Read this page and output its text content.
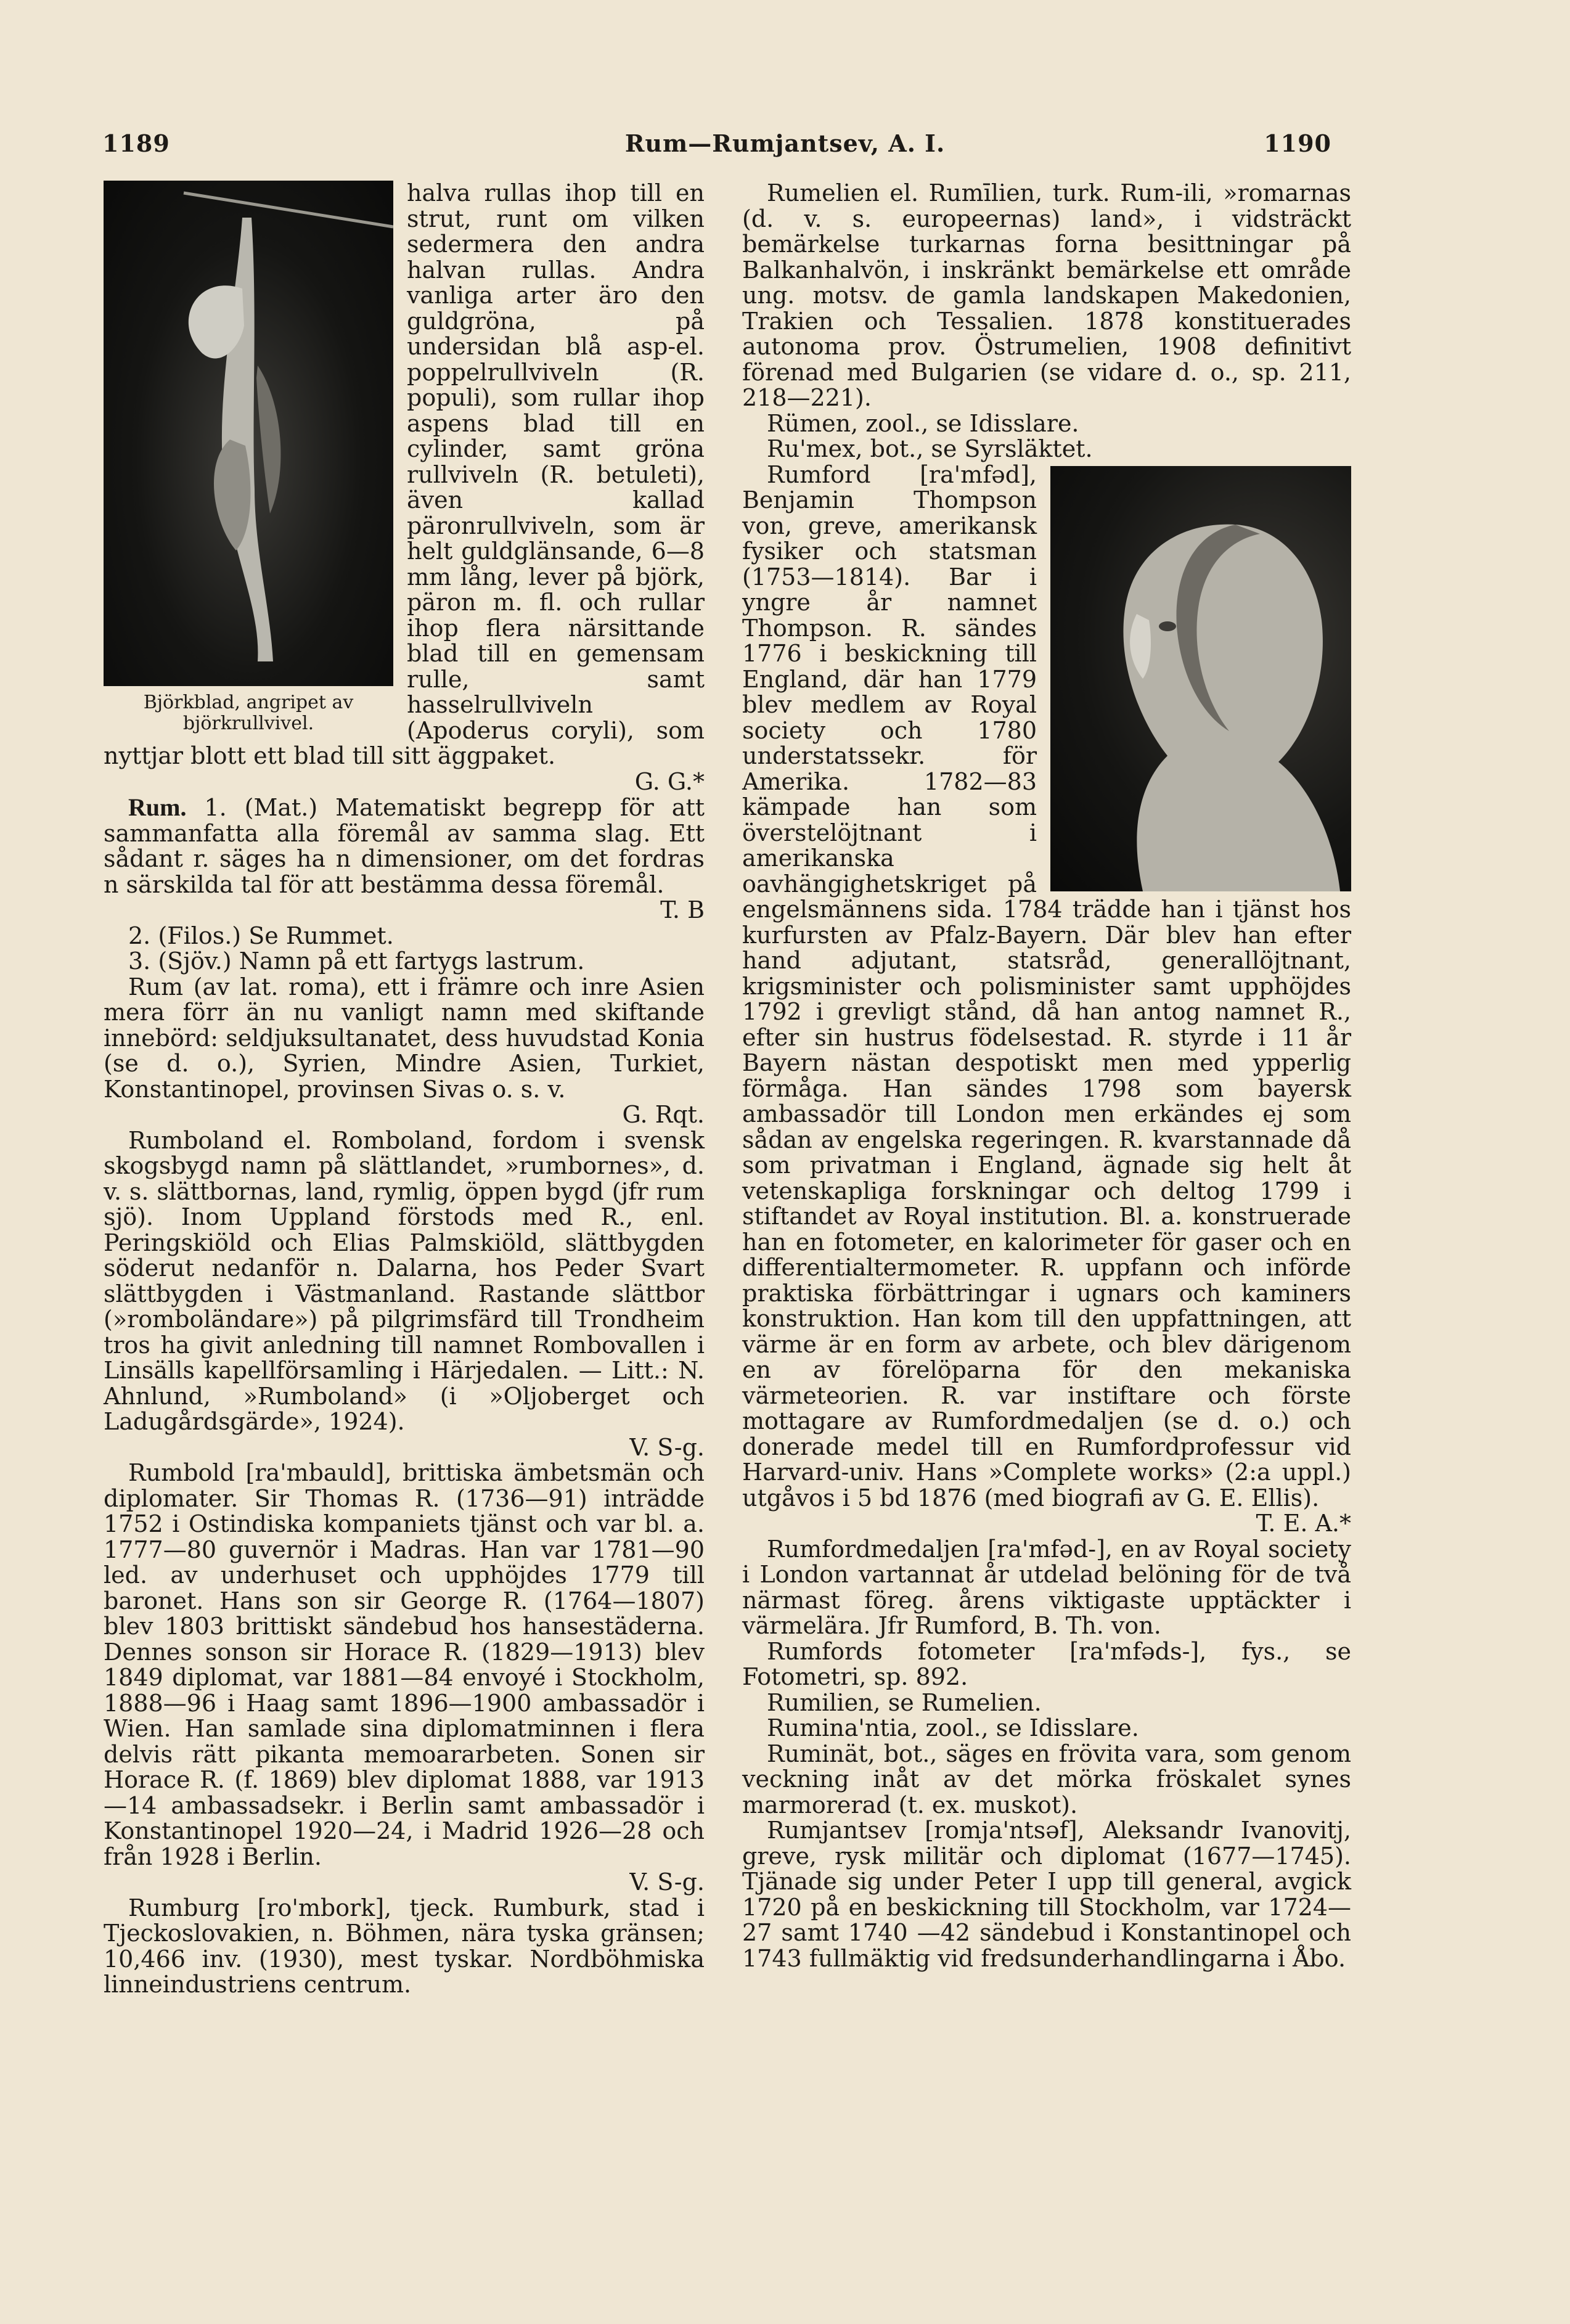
1189	Rum—Rumjantsev, A. I.	1190
Björkblad, angripet av björkrullvivel.

halva rullas ihop till en strut, runt om vilken sedermera den andra halvan rullas. Andra vanliga arter äro den guldgröna, på undersidan blå asp-el. poppelrullviveln (R. populi), som rullar ihop aspens blad till en cylinder, samt gröna rullviveln (R. betuleti), även kallad päronrullviveln, som är helt guldglänsande, 6—8 mm lång, lever på björk, päron m. fl. och rullar ihop flera närsittande blad till en gemensam rulle, samt hasselrullviveln (Apoderus coryli), som nyttjar blott ett blad till sitt äggpaket.

G. G.*

Rum. 1. (Mat.) Matematiskt begrepp för att sammanfatta alla föremål av samma slag. Ett sådant r. säges ha n dimensioner, om det fordras n särskilda tal för att bestämma dessa föremål.

T. B

2. (Filos.) Se Rummet.

3. (Sjöv.) Namn på ett fartygs lastrum.

Rum (av lat. roma), ett i främre och inre Asien mera förr än nu vanligt namn med skiftande innebörd: seldjuksultanatet, dess huvudstad Konia (se d. o.), Syrien, Mindre Asien, Turkiet, Konstantinopel, provinsen Sivas o. s. v.

G. Rqt.

Rumboland el. Romboland, fordom i svensk skogsbygd namn på slättlandet, »rumbornes», d. v. s. slättbornas, land, rymlig, öppen bygd (jfr rum sjö). Inom Uppland förstods med R., enl. Peringskiöld och Elias Palmskiöld, slättbygden söderut nedanför n. Dalarna, hos Peder Svart slättbygden i Västmanland. Rastande slättbor (»romboländare») på pilgrimsfärd till Trondheim tros ha givit anledning till namnet Rombovallen i Linsälls kapellförsamling i Härjedalen. — Litt.: N. Ahnlund, »Rumboland» (i »Oljoberget och Ladugårdsgärde», 1924).

V. S-g.

Rumbold [ra'mbauld], brittiska ämbetsmän och diplomater. Sir Thomas R. (1736—91) inträdde 1752 i Ostindiska kompaniets tjänst och var bl. a. 1777—80 guvernör i Madras. Han var 1781—90 led. av underhuset och upphöjdes 1779 till baronet. Hans son sir George R. (1764—1807) blev 1803 brittiskt sändebud hos hansestäderna. Dennes sonson sir Horace R. (1829—1913) blev 1849 diplomat, var 1881—84 envoyé i Stockholm, 1888—96 i Haag samt 1896—1900 ambassadör i Wien. Han samlade sina diplomatminnen i flera delvis rätt pikanta memoararbeten. Sonen sir Horace R. (f. 1869) blev diplomat 1888, var 1913—14 ambassadsekr. i Berlin samt ambassadör i Konstantinopel 1920—24, i Madrid 1926—28 och från 1928 i Berlin.

V. S-g.

Rumburg [ro'mbork], tjeck. Rumburk, stad i Tjeckoslovakien, n. Böhmen, nära tyska gränsen; 10,466 inv. (1930), mest tyskar. Nordböhmiska linneindustriens centrum.

Rumelien el. Rumīlien, turk. Rum-ili, »romarnas (d. v. s. europeernas) land», i vidsträckt bemärkelse turkarnas forna besittningar på Balkanhalvön, i inskränkt bemärkelse ett område ung. motsv. de gamla landskapen Makedonien, Trakien och Tessalien. 1878 konstituerades autonoma prov. Östrumelien, 1908 definitivt förenad med Bulgarien (se vidare d. o., sp. 211, 218—221).

Rümen, zool., se Idisslare.

Ru'mex, bot., se Syrsläktet.

Rumford [ra'mfəd], Benjamin Thompson von, greve, amerikansk fysiker och statsman (1753—1814). Bar i yngre år namnet Thompson. R. sändes 1776 i beskickning till England, där han 1779 blev medlem av Royal society och 1780 understatssekr. för Amerika. 1782—83 kämpade han som överstelöjtnant i amerikanska oavhängighetskriget på engelsmännens sida. 1784 trädde han i tjänst hos kurfursten av Pfalz-Bayern. Där blev han efter hand adjutant, statsråd, generallöjtnant, krigsminister och polisminister samt upphöjdes 1792 i grevligt stånd, då han antog namnet R., efter sin hustrus födelsestad. R. styrde i 11 år Bayern nästan despotiskt men med ypperlig förmåga. Han sändes 1798 som bayersk ambassadör till London men erkändes ej som sådan av engelska regeringen. R. kvarstannade då som privatman i England, ägnade sig helt åt vetenskapliga forskningar och deltog 1799 i stiftandet av Royal institution. Bl. a. konstruerade han en fotometer, en kalorimeter för gaser och en differentialtermometer. R. uppfann och införde praktiska förbättringar i ugnars och kaminers konstruktion. Han kom till den uppfattningen, att värme är en form av arbete, och blev därigenom en av förelöparna för den mekaniska värmeteorien. R. var instiftare och förste mottagare av Rumfordmedaljen (se d. o.) och donerade medel till en Rumfordprofessur vid Harvard-univ. Hans »Complete works» (2:a uppl.) utgåvos i 5 bd 1876 (med biografi av G. E. Ellis).

T. E. A.*

Rumfordmedaljen [ra'mfəd-], en av Royal society i London vartannat år utdelad belöning för de två närmast föreg. årens viktigaste upptäckter i värmelära. Jfr Rumford, B. Th. von.

Rumfords fotometer [ra'mfəds-], fys., se Fotometri, sp. 892.

Rumilien, se Rumelien.

Rumina'ntia, zool., se Idisslare.

Ruminät, bot., säges en frövita vara, som genom veckning inåt av det mörka fröskalet synes marmorerad (t. ex. muskot).

Rumjantsev [romja'ntsəf], Aleksandr Ivanovitj, greve, rysk militär och diplomat (1677—1745). Tjänade sig under Peter I upp till general, avgick 1720 på en beskickning till Stockholm, var 1724—27 samt 1740 —42 sändebud i Konstantinopel och 1743 fullmäktig vid fredsunderhandlingarna i Åbo.
